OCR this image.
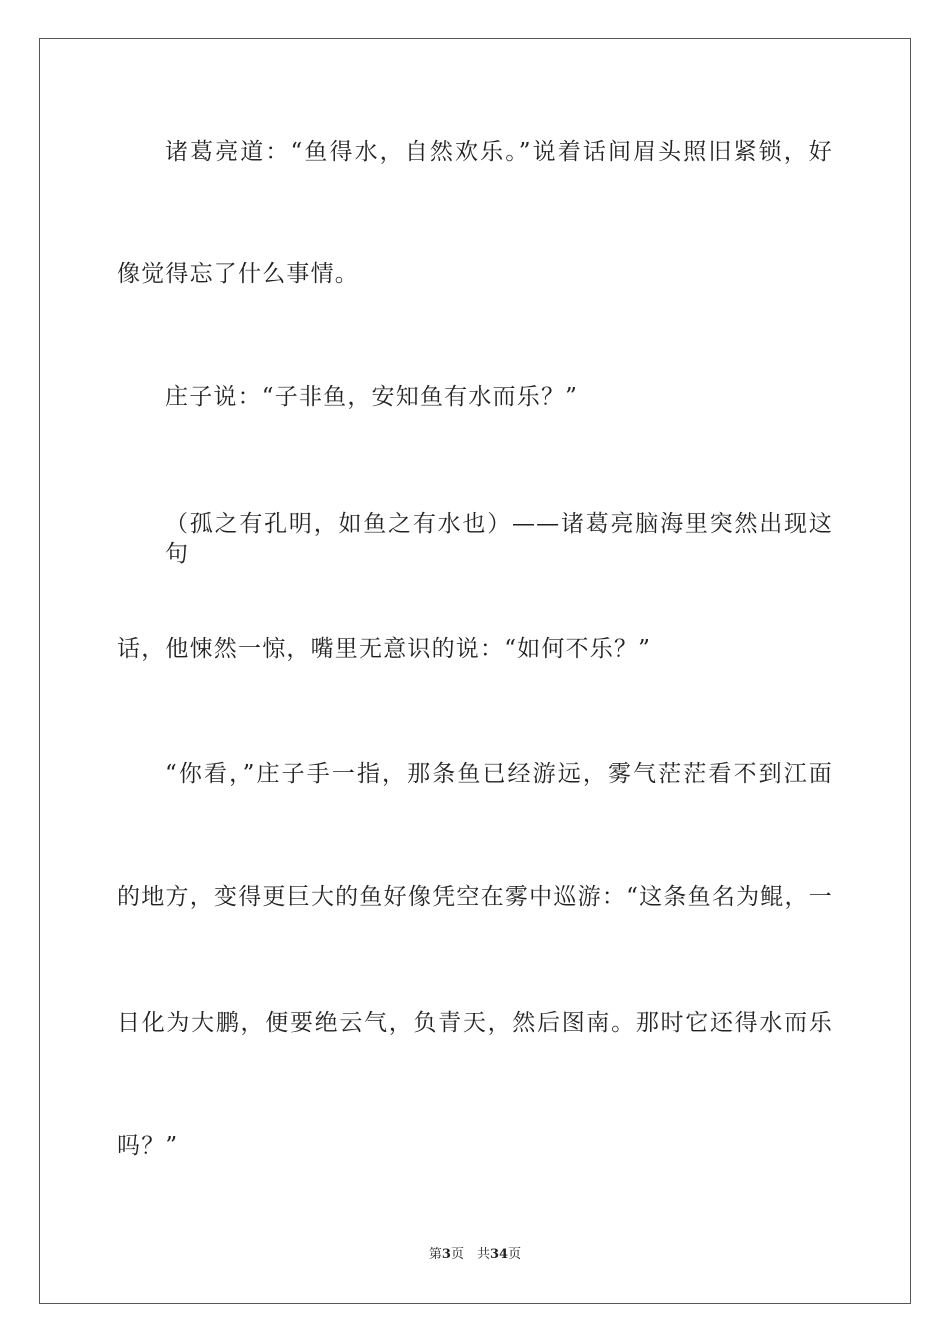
诸葛亮道：“鱼得水，自然欢乐。”说着话间眉头照旧紧锁，好
像觉得忘了什么事情。
庄子说：“子非鱼，安知鱼有水而乐？”
（孤之有孔明，如鱼之有水也）——诸葛亮脑海里突然出现这句
话，他悚然一惊，嘴里无意识的说：“如何不乐？”
“你看，”庄子手一指，那条鱼已经游远，雾气茫茫看不到江面
的地方，变得更巨大的鱼好像凭空在雾中巡游：“这条鱼名为鲲，一
日化为大鹏，便要绝云气，负青天，然后图南。那时它还得水而乐
吗？”
第3页　共34页
